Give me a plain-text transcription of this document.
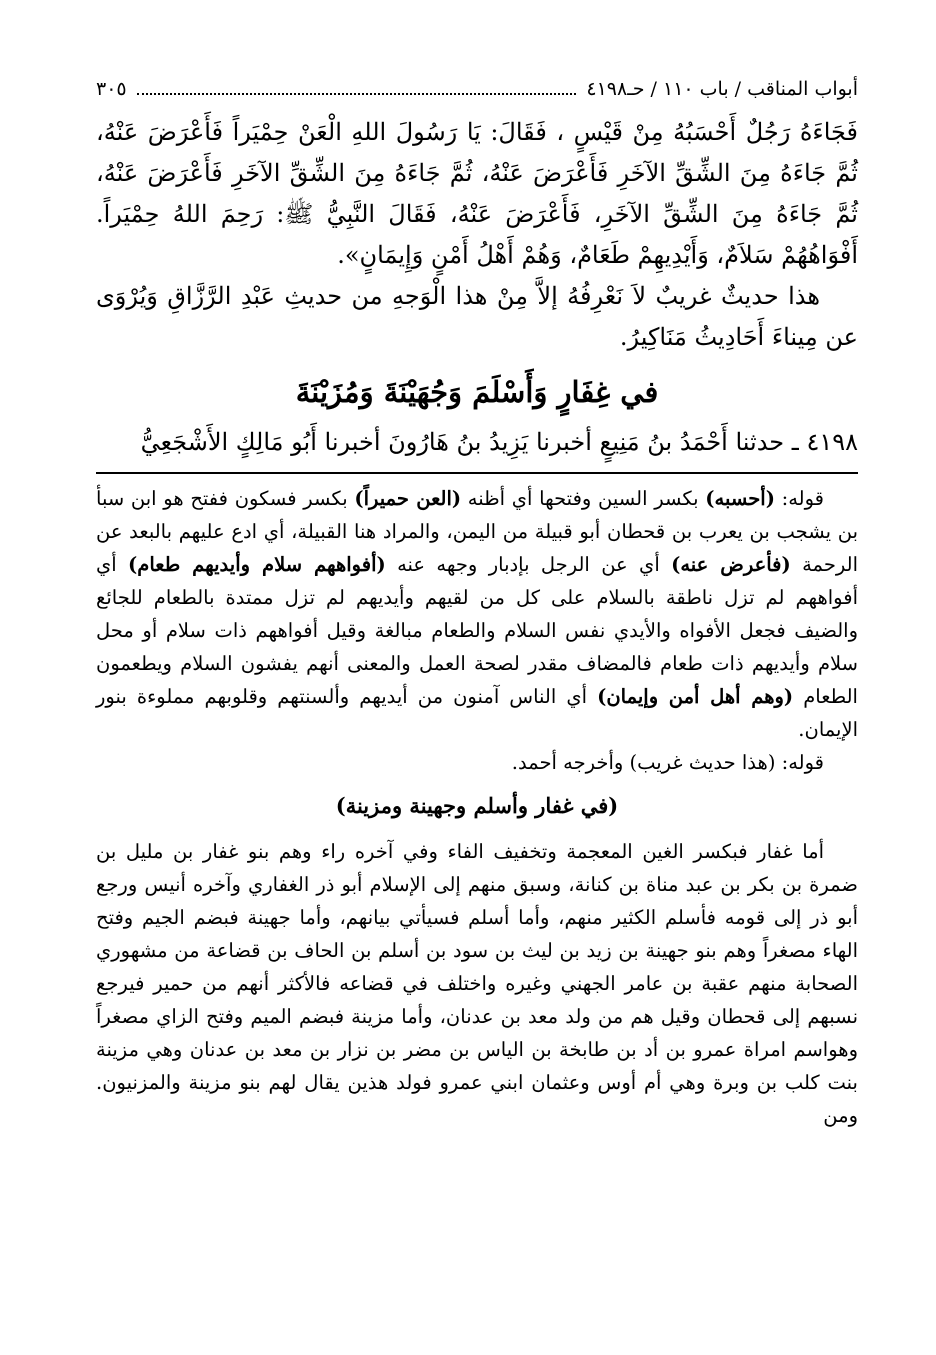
أبواب المناقب / باب ١١٠ / حـ٤١٩٨
٣٠٥

فَجَاءَهُ رَجُلٌ أَحْسَبُهُ مِنْ قَيْسٍ ، فَقَالَ: يَا رَسُولَ اللهِ الْعَنْ حِمْيَراً فَأَعْرَضَ عَنْهُ، ثُمَّ جَاءَهُ مِنَ الشِّقِّ الآخَرِ فَأَعْرَضَ عَنْهُ، ثُمَّ جَاءَهُ مِنَ الشِّقِّ الآخَرِ فَأَعْرَضَ عَنْهُ، ثُمَّ جَاءَهُ مِنَ الشِّقِّ الآخَرِ، فَأَعْرَضَ عَنْهُ، فَقَالَ النَّبِيُّ ﷺ: رَحِمَ اللهُ حِمْيَراً. أَفْوَاهُهُمْ سَلاَمٌ، وَأَيْدِيهِمْ طَعَامٌ، وَهُمْ أَهْلُ أَمْنٍ وَإِيمَانٍ».

هذا حديثٌ غريبٌ لاَ نَعْرِفُهُ إلاَّ مِنْ هذا الْوَجهِ من حديثِ عَبْدِ الرَّزَّاقِ وَيُرْوَى عن مِيناءَ أَحَادِيثُ مَنَاكِيرُ.

في غِفَارٍ وَأَسْلَمَ وَجُهَيْنَةَ وَمُزَيْنَةَ

٤١٩٨ ـ حدثنا أَحْمَدُ بنُ مَنِيعٍ أخبرنا يَزِيدُ بنُ هَارُونَ أخبرنا أَبُو مَالِكٍ الأَشْجَعِيُّ

قوله: (أحسبه) بكسر السين وفتحها أي أظنه (العن حميراً) بكسر فسكون ففتح هو ابن سبأ بن يشجب بن يعرب بن قحطان أبو قبيلة من اليمن، والمراد هنا القبيلة، أي ادع عليهم بالبعد عن الرحمة (فأعرض عنه) أي عن الرجل بإدبار وجهه عنه (أفواههم سلام وأيديهم طعام) أي أفواههم لم تزل ناطقة بالسلام على كل من لقيهم وأيديهم لم تزل ممتدة بالطعام للجائع والضيف فجعل الأفواه والأيدي نفس السلام والطعام مبالغة وقيل أفواههم ذات سلام أو محل سلام وأيديهم ذات طعام فالمضاف مقدر لصحة العمل والمعنى أنهم يفشون السلام ويطعمون الطعام (وهم أهل أمن وإيمان) أي الناس آمنون من أيديهم وألسنتهم وقلوبهم مملوءة بنور الإيمان.

قوله: (هذا حديث غريب) وأخرجه أحمد.

(في غفار وأسلم وجهينة ومزينة)

أما غفار فبكسر الغين المعجمة وتخفيف الفاء وفي آخره راء وهم بنو غفار بن مليل بن ضمرة بن بكر بن عبد مناة بن كنانة، وسبق منهم إلى الإسلام أبو ذر الغفاري وآخره أنيس ورجع أبو ذر إلى قومه فأسلم الكثير منهم، وأما أسلم فسيأتي بيانهم، وأما جهينة فبضم الجيم وفتح الهاء مصغراً وهم بنو جهينة بن زيد بن ليث بن سود بن أسلم بن الحاف بن قضاعة من مشهوري الصحابة منهم عقبة بن عامر الجهني وغيره واختلف في قضاعه فالأكثر أنهم من حمير فيرجع نسبهم إلى قحطان وقيل هم من ولد معد بن عدنان، وأما مزينة فبضم الميم وفتح الزاي مصغراً وهواسم امراة عمرو بن أد بن طابخة بن الياس بن مضر بن نزار بن معد بن عدنان وهي مزينة بنت كلب بن وبرة وهي أم أوس وعثمان ابني عمرو فولد هذين يقال لهم بنو مزينة والمزنيون. ومن
